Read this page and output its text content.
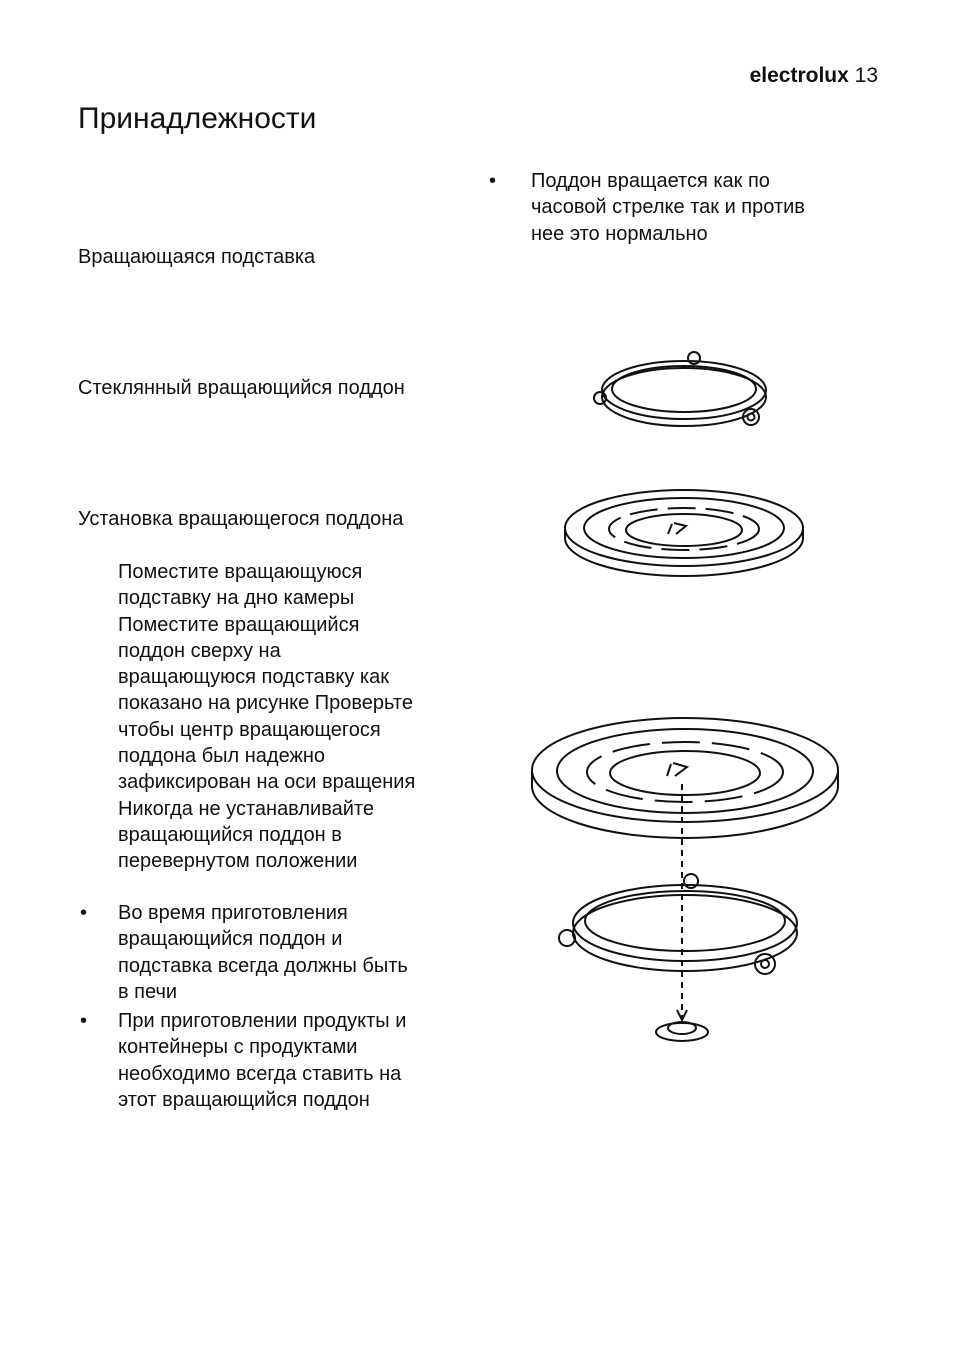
electrolux 13
Принадлежности
• Поддон вращается как по
часовой стрелке так и против
нее это нормально
Вращающаяся подставка
Стеклянный вращающийся поддон
Установка вращающегося поддона
Поместите вращающуюся
подставку на дно камеры
Поместите вращающийся
поддон сверху на
вращающуюся подставку как
показано на рисунке Проверьте
чтобы центр вращающегося
поддона был надежно
зафиксирован на оси вращения
Никогда не устанавливайте
вращающийся поддон в
перевернутом положении
• Во время приготовления
вращающийся поддон и
подставка всегда должны быть
в печи
• При приготовлении продукты и
контейнеры с продуктами
необходимо всегда ставить на
этот вращающийся поддон
